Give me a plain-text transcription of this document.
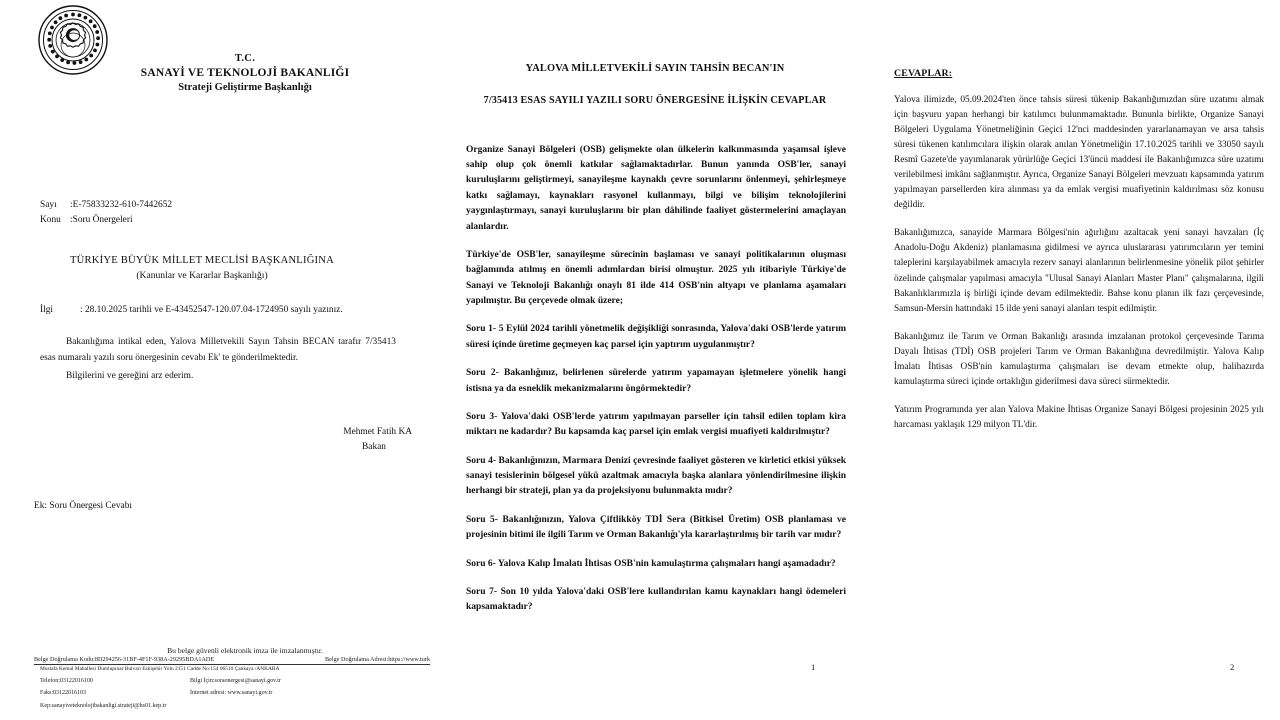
T.C.
SANAYİ VE TEKNOLOJİ BAKANLIĞI
Strateji Geliştirme Başkanlığı
Sayı :E-75833232-610-7442652
Konu :Soru Önergeleri
TÜRKİYE BÜYÜK MİLLET MECLİSİ BAŞKANLIĞINA
(Kanunlar ve Kararlar Başkanlığı)
İlgi	: 28.10.2025 tarihli ve E-43452547-120.07.04-1724950 sayılı yazınız.

Bakanlığıma intikal eden, Yalova Milletvekili Sayın Tahsin BECAN tarafır 7/35413 esas numaralı yazılı soru önergesinin cevabı Ek' te gönderilmektedir.

Bilgilerini ve gereğini arz ederim.

Mehmet Fatih KA
Bakan
Ek: Soru Önergesi Cevabı
Bu belge güvenli elektronik imza ile imzalanmıştır.
Belge Doğrulama Kodu:8D294256-31BF-4F1F-938A-29295BDA1ADE	Belge Doğrulama Adresi:https://www.turk
Mustafa Kemal Mahallesi Dumlupınar Bulvarı Eskişehir Yolu 2151 Cadde No:154 06510 Çankaya /ANKARA
Telefon:03122016100	Bilgi İçin:soraonergesi@sanayi.gov.tr
Faks:03122016103	İnternet adresi: www.sanayi.gov.tr
Kep:sanayiveteknolojibakanligi.strateji@hs01.kep.tr
YALOVA MİLLETVEKİLİ SAYIN TAHSİN BECAN'IN
7/35413 ESAS SAYILI YAZILI SORU ÖNERGESİNE İLİŞKİN CEVAPLAR

Organize Sanayi Bölgeleri (OSB) gelişmekte olan ülkelerin kalkınmasında yaşamsal işleve sahip olup çok önemli katkılar sağlamaktadırlar. Bunun yanında OSB'ler, sanayi kuruluşlarını geliştirmeyi, sanayileşme kaynaklı çevre sorunlarını önlenmeyi, şehirleşmeye katkı sağlamayı, kaynakları rasyonel kullanmayı, bilgi ve bilişim teknolojilerini yaygınlaştırmayı, sanayi kuruluşlarını bir plan dâhilinde faaliyet göstermelerini amaçlayan alanlardır.

Türkiye'de OSB'ler, sanayileşme sürecinin başlaması ve sanayi politikalarının oluşması bağlamında atılmış en önemli adımlardan birisi olmuştur. 2025 yılı itibariyle Türkiye'de Sanayi ve Teknoloji Bakanlığı onaylı 81 ilde 414 OSB'nin altyapı ve planlama aşamaları yapılmıştır. Bu çerçevede olmak üzere;

Soru 1- 5 Eylül 2024 tarihli yönetmelik değişikliği sonrasında, Yalova'daki OSB'lerde yatırım süresi içinde üretime geçmeyen kaç parsel için yaptırım uygulanmıştır?

Soru 2- Bakanlığınız, belirlenen sürelerde yatırım yapamayan işletmelere yönelik hangi istisna ya da esneklik mekanizmalarını öngörmektedir?

Soru 3- Yalova'daki OSB'lerde yatırım yapılmayan parseller için tahsil edilen toplam kira miktarı ne kadardır? Bu kapsamda kaç parsel için emlak vergisi muafiyeti kaldırılmıştır?

Soru 4- Bakanlığınızın, Marmara Denizi çevresinde faaliyet gösteren ve kirletici etkisi yüksek sanayi tesislerinin bölgesel yükü azaltmak amacıyla başka alanlara yönlendirilmesine ilişkin herhangi bir strateji, plan ya da projeksiyonu bulunmakta mıdır?

Soru 5- Bakanlığınızın, Yalova Çiftlikköy TDİ Sera (Bitkisel Üretim) OSB planlaması ve projesinin bitimi ile ilgili Tarım ve Orman Bakanlığı'yla kararlaştırılmış bir tarih var mıdır?

Soru 6- Yalova Kalıp İmalatı İhtisas OSB'nin kamulaştırma çalışmaları hangi aşamadadır?

Soru 7- Son 10 yılda Yalova'daki OSB'lere kullandırılan kamu kaynakları hangi ödemeleri kapsamaktadır?

1
CEVAPLAR:

Yalova ilimizde, 05.09.2024'ten önce tahsis süresi tükenip Bakanlığımızdan süre uzatımı almak için başvuru yapan herhangi bir katılımcı bulunmamaktadır. Bununla birlikte, Organize Sanayi Bölgeleri Uygulama Yönetmeliğinin Geçici 12'nci maddesinden yararlanamayan ve arsa tahsis süresi tükenen katılımcılara ilişkin olarak anılan Yönetmeliğin 17.10.2025 tarihli ve 33050 sayılı Resmî Gazete'de yayımlanarak yürürlüğe Geçici 13'üncü maddesi ile Bakanlığımızca süre uzatımı verilebilmesi imkânı sağlanmıştır. Ayrıca, Organize Sanayi Bölgeleri mevzuatı kapsamında yatırım yapılmayan parsellerden kira alınması ya da emlak vergisi muafiyetinin kaldırılması söz konusu değildir.

Bakanlığımızca, sanayide Marmara Bölgesi'nin ağırlığını azaltacak yeni sanayi havzaları (İç Anadolu-Doğu Akdeniz) planlamasına gidilmesi ve ayrıca uluslararası yatırımcıların yer temini taleplerini karşılayabilmek amacıyla rezerv sanayi alanlarının belirlenmesine yönelik pilot şehirler özelinde çalışmalar yapılması amacıyla "Ulusal Sanayi Alanları Master Planı" çalışmalarına, ilgili Bakanlıklarımızla iş birliği içinde devam edilmektedir. Bahse konu planın ilk fazı çerçevesinde, Samsun-Mersin hattındaki 15 ilde yeni sanayi alanları tespit edilmiştir.

Bakanlığımız ile Tarım ve Orman Bakanlığı arasında imzalanan protokol çerçevesinde Tarıma Dayalı İhtisas (TDİ) OSB projeleri Tarım ve Orman Bakanlığına devredilmiştir. Yalova Kalıp İmalatı İhtisas OSB'nin kamulaştırma çalışmaları ise devam etmekte olup, halihazırda kamulaştırma süreci içinde ortaklığın giderilmesi dava süreci sürmektedir.

Yatırım Programında yer alan Yalova Makine İhtisas Organize Sanayi Bölgesi projesinin 2025 yılı harcaması yaklaşık 129 milyon TL'dir.

2
